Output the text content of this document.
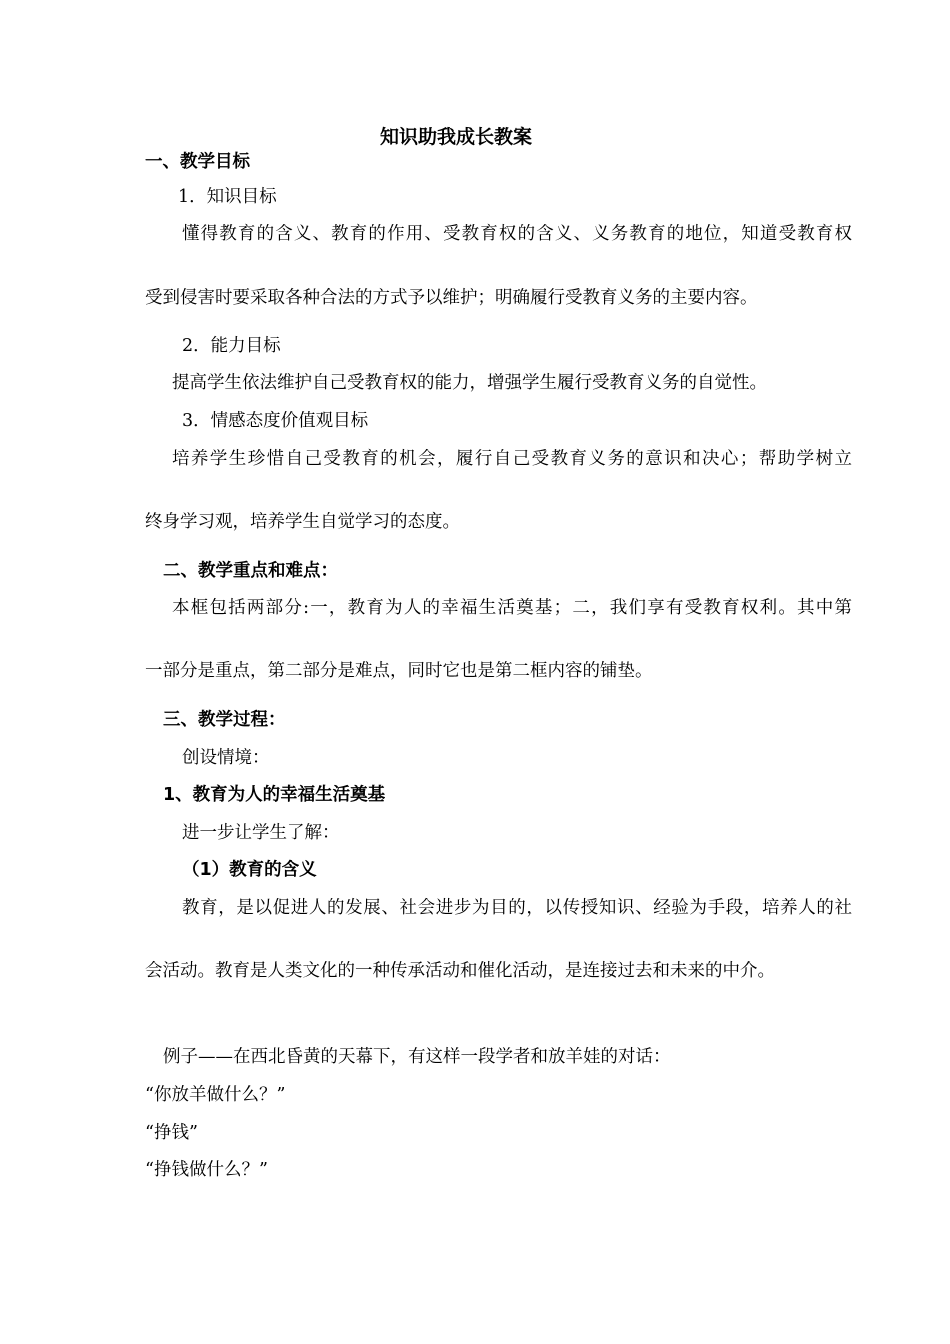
知识助我成长教案
一、教学目标
1．知识目标
懂得教育的含义、教育的作用、受教育权的含义、义务教育的地位，知道受教育权
受到侵害时要采取各种合法的方式予以维护；明确履行受教育义务的主要内容。
2．能力目标
提高学生依法维护自己受教育权的能力，增强学生履行受教育义务的自觉性。
3．情感态度价值观目标
培养学生珍惜自己受教育的机会，履行自己受教育义务的意识和决心；帮助学树立
终身学习观，培养学生自觉学习的态度。
二、教学重点和难点：
本框包括两部分:一，教育为人的幸福生活奠基；二，我们享有受教育权利。其中第
一部分是重点，第二部分是难点，同时它也是第二框内容的铺垫。
三、教学过程：
创设情境：
1、教育为人的幸福生活奠基
进一步让学生了解：
（1）教育的含义
教育，是以促进人的发展、社会进步为目的，以传授知识、经验为手段，培养人的社
会活动。教育是人类文化的一种传承活动和催化活动，是连接过去和未来的中介。
例子——在西北昏黄的天幕下，有这样一段学者和放羊娃的对话：
“你放羊做什么？”
“挣钱”
“挣钱做什么？”
